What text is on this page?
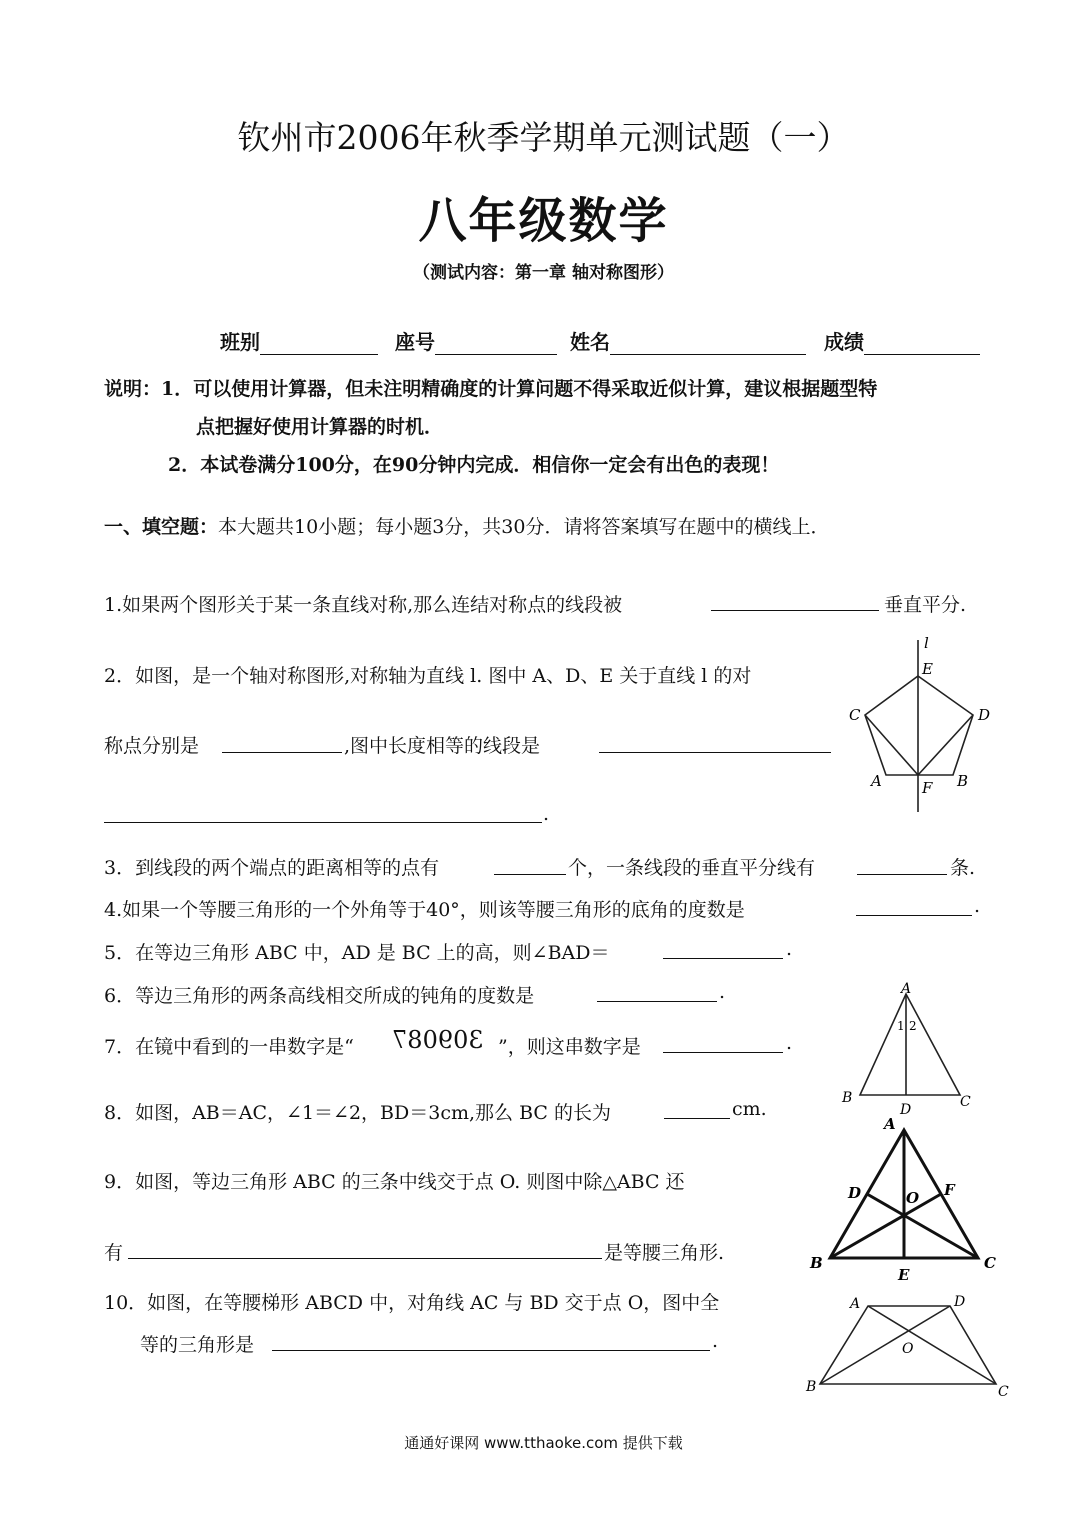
钦州市2006年秋季学期单元测试题（一）
八年级数学
（测试内容：第一章 轴对称图形）
班别	座号	姓名	成绩
说明：1．可以使用计算器，但未注明精确度的计算问题不得采取近似计算，建议根据题型特
点把握好使用计算器的时机．
2．本试卷满分100分，在90分钟内完成．相信你一定会有出色的表现！
一、填空题：本大题共10小题；每小题3分，共30分．请将答案填写在题中的横线上．
1.如果两个图形关于某一条直线对称,那么连结对称点的线段被	垂直平分.
2．如图，是一个轴对称图形,对称轴为直线 l. 图中 A、D、E 关于直线 l 的对
称点分别是	,图中长度相等的线段是
.
l
E
C	D
A	F B
3．到线段的两个端点的距离相等的点有	个，一条线段的垂直平分线有	条.
4.如果一个等腰三角形的一个外角等于40°，则该等腰三角形的底角的度数是	.
5．在等边三角形 ABC 中，AD 是 BC 上的高，则∠BAD＝	.
6．等边三角形的两条高线相交所成的钝角的度数是	.
7．在镜中看到的一串数字是“ 309087 ”，则这串数字是	.
A
B	C
D
1 2
8．如图，AB＝AC，∠1＝∠2，BD＝3cm,那么 BC 的长为	cm.
9．如图，等边三角形 ABC 的三条中线交于点 O. 则图中除△ABC 还
有	是等腰三角形.
A
B	C
D
E
F
O
10．如图，在等腰梯形 ABCD 中，对角线 AC 与 BD 交于点 O，图中全
等的三角形是	.
A	D
B	C
O
通通好课网 www.tthaoke.com 提供下载
